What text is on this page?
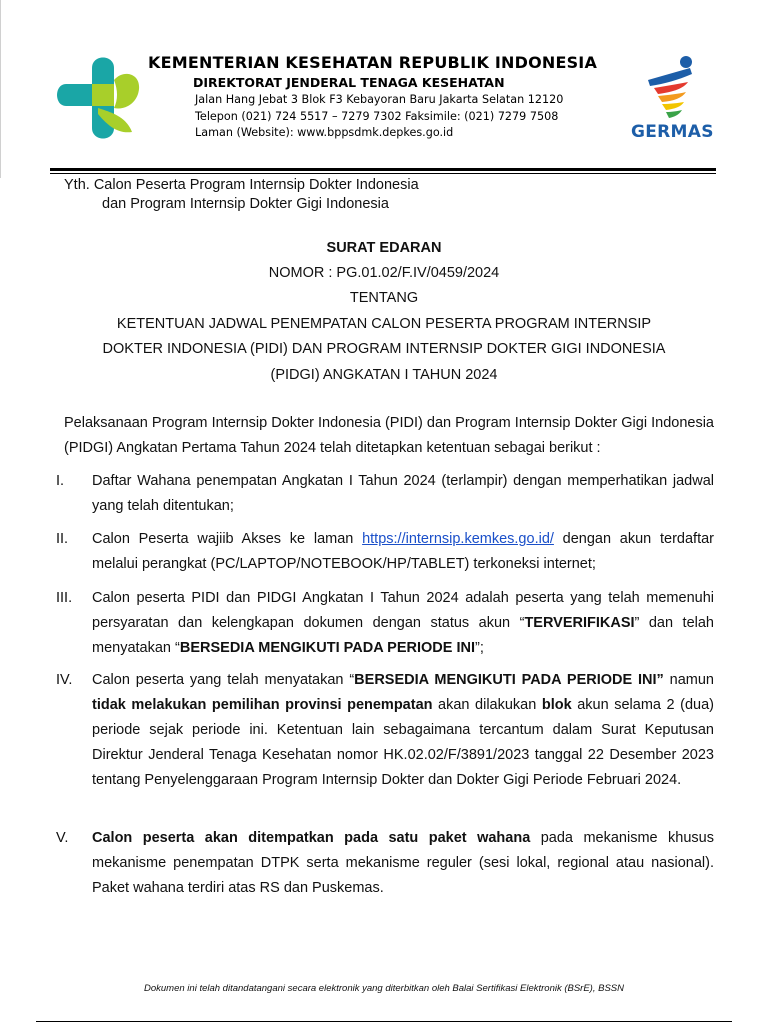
KEMENTERIAN KESEHATAN REPUBLIK INDONESIA
DIREKTORAT JENDERAL TENAGA KESEHATAN
Jalan Hang Jebat 3 Blok F3 Kebayoran Baru Jakarta Selatan 12120
Telepon (021) 724 5517 – 7279 7302 Faksimile: (021) 7279 7508
Laman (Website): www.bppsdmk.depkes.go.id	GERMAS
Yth. Calon Peserta Program Internsip Dokter Indonesia
dan Program Internsip Dokter Gigi Indonesia
SURAT EDARAN
NOMOR : PG.01.02/F.IV/0459/2024
TENTANG
KETENTUAN JADWAL PENEMPATAN CALON PESERTA PROGRAM INTERNSIP
DOKTER INDONESIA (PIDI) DAN PROGRAM INTERNSIP DOKTER GIGI INDONESIA
(PIDGI) ANGKATAN I TAHUN 2024
Pelaksanaan Program Internsip Dokter Indonesia (PIDI) dan Program Internsip Dokter Gigi Indonesia (PIDGI) Angkatan Pertama Tahun 2024 telah ditetapkan ketentuan sebagai berikut :
I. Daftar Wahana penempatan Angkatan I Tahun 2024 (terlampir) dengan memperhatikan jadwal yang telah ditentukan;
II. Calon Peserta wajiib Akses ke laman https://internsip.kemkes.go.id/ dengan akun terdaftar melalui perangkat (PC/LAPTOP/NOTEBOOK/HP/TABLET) terkoneksi internet;
III. Calon peserta PIDI dan PIDGI Angkatan I Tahun 2024 adalah peserta yang telah memenuhi persyaratan dan kelengkapan dokumen dengan status akun “TERVERIFIKASI” dan telah menyatakan “BERSEDIA MENGIKUTI PADA PERIODE INI”;
IV. Calon peserta yang telah menyatakan “BERSEDIA MENGIKUTI PADA PERIODE INI” namun tidak melakukan pemilihan provinsi penempatan akan dilakukan blok akun selama 2 (dua) periode sejak periode ini. Ketentuan lain sebagaimana tercantum dalam Surat Keputusan Direktur Jenderal Tenaga Kesehatan nomor HK.02.02/F/3891/2023 tanggal 22 Desember 2023 tentang Penyelenggaraan Program Internsip Dokter dan Dokter Gigi Periode Februari 2024.
V. Calon peserta akan ditempatkan pada satu paket wahana pada mekanisme khusus mekanisme penempatan DTPK serta mekanisme reguler (sesi lokal, regional atau nasional). Paket wahana terdiri atas RS dan Puskemas.
Dokumen ini telah ditandatangani secara elektronik yang diterbitkan oleh Balai Sertifikasi Elektronik (BSrE), BSSN
